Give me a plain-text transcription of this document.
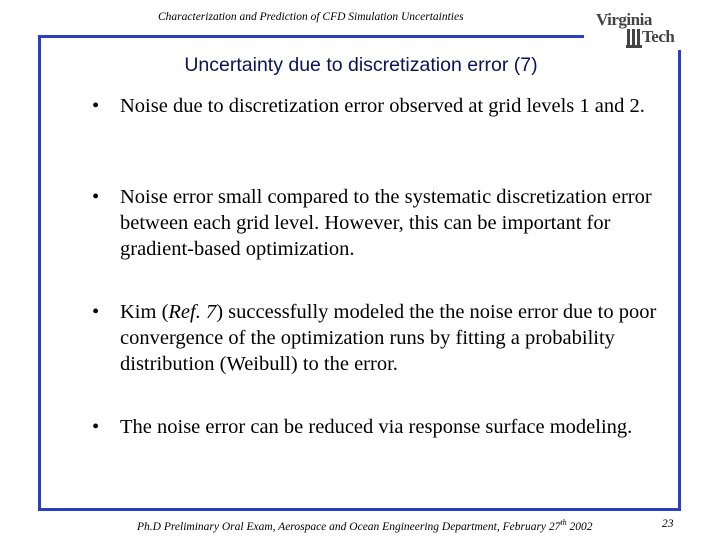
Characterization and Prediction of CFD Simulation Uncertainties	Virginia
Tech
Uncertainty due to discretization error (7)
• Noise due to discretization error observed at grid levels 1 and 2.
• Noise error small compared to the systematic discretization error between each grid level. However, this can be important for gradient-based optimization.
• Kim (Ref. 7) successfully modeled the the noise error due to poor convergence of the optimization runs by fitting a probability distribution (Weibull) to the error.
• The noise error can be reduced via response surface modeling.
Ph.D Preliminary Oral Exam, Aerospace and Ocean Engineering Department, February 27th 2002	23
